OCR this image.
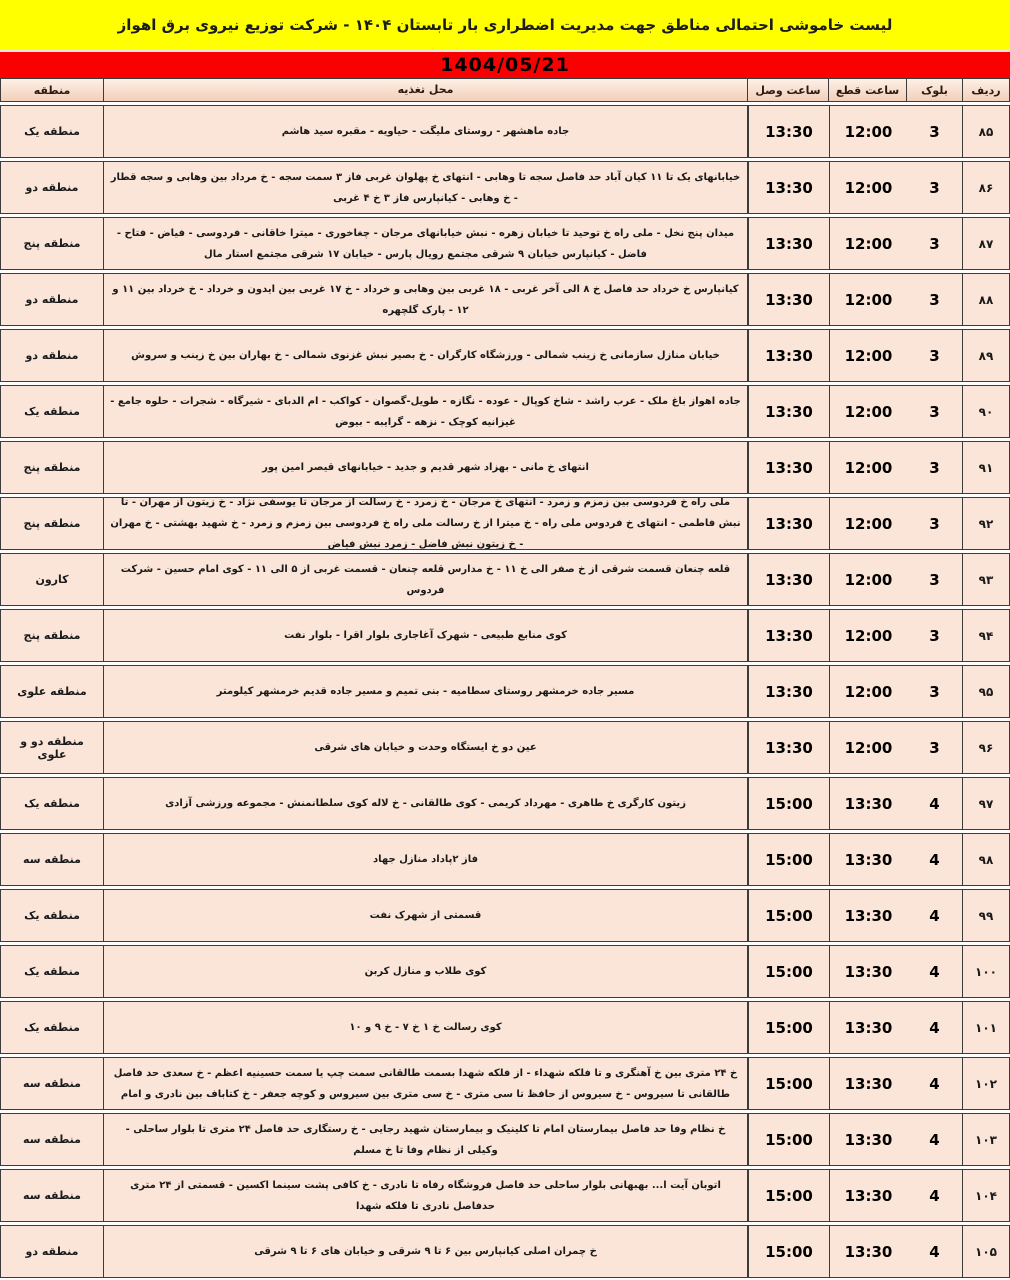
لیست خاموشی احتمالی مناطق جهت مدیریت اضطراری بار تابستان ۱۴۰۴ - شرکت توزیع نیروی برق اهواز
1404/05/21
ردیف
بلوک
ساعت قطع
ساعت وصل
محل تغذیه
منطقه
۸۵
3
12:00
13:30
جاده ماهشهر - روستای ملیگت - حیاویه - مقبره سید هاشم
منطقه یک
۸۶
3
12:00
13:30
خیابانهای یک تا ۱۱ کیان آباد حد فاصل سجه تا وهابی - انتهای خ پهلوان غربی فاز ۳ سمت سجه - خ مرداد بین وهابی و سجه قطار - خ وهابی - کیانپارس فاز ۳ خ ۴ غربی
منطقه دو
۸۷
3
12:00
13:30
میدان پنج نخل - ملی راه خ توحید تا خیابان زهره - نبش خیابانهای مرجان - چغاخوری - میترا خاقانی - فردوسی - فیاض - فتاح - فاضل - کیانپارس خیابان ۹ شرقی مجتمع رویال پارس - خیابان ۱۷ شرقی مجتمع استار مال
منطقه پنج
۸۸
3
12:00
13:30
کیانپارس خ خرداد حد فاصل خ ۸ الی آخر غربی - ۱۸ غربی بین وهابی و خرداد - خ ۱۷ غربی بین ایدون و خرداد - خ خرداد بین ۱۱ و ۱۲ - پارک گلچهره
منطقه دو
۸۹
3
12:00
13:30
خیابان منازل سازمانی خ زینب شمالی - ورزشگاه کارگران - خ بصیر نبش غزنوی شمالی - خ بهاران بین خ زینب و سروش
منطقه دو
۹۰
3
12:00
13:30
جاده اهواز باغ ملک - عرب راشد - شاخ کوپال - عوده - نگازه - طویل-گصوان - کواکب - ام الدبای - شیرگاه - شجرات - حلوه جامع - غیزانیه کوچک - نزهه - گرایبه - بیوض
منطقه یک
۹۱
3
12:00
13:30
انتهای خ مانی - بهزاد شهر قدیم و جدید - خیابانهای قیصر امین پور
منطقه پنج
۹۲
3
12:00
13:30
ملی راه خ فردوسی بین زمزم و زمرد - انتهای خ مرجان - خ زمرد - خ رسالت از مرجان تا یوسفی نژاد - خ زیتون از مهران - تا نبش فاطمی - انتهای خ فردوس ملی راه - خ میترا از خ رسالت ملی راه خ فردوسی بین زمزم و زمرد - خ شهید بهشتی - خ مهران - خ زیتون نبش فاضل - زمرد نبش فیاض
منطقه پنج
۹۳
3
12:00
13:30
قلعه چنعان قسمت شرقی از خ صفر الی خ ۱۱ - خ مدارس قلعه چنعان - قسمت غربی از ۵ الی ۱۱ - کوی امام حسین - شرکت فردوس
کارون
۹۴
3
12:00
13:30
کوی منابع طبیعی - شهرک آغاجاری بلوار اقرا - بلوار نفت
منطقه پنج
۹۵
3
12:00
13:30
مسیر جاده خرمشهر روستای سطامیه - بنی تمیم و مسیر جاده قدیم خرمشهر کیلومتر
منطقه علوی
۹۶
3
12:00
13:30
عین دو خ ایستگاه وحدت و خیابان های شرقی
منطقه دو و علوی
۹۷
4
13:30
15:00
زیتون کارگری خ طاهری - مهرداد کریمی - کوی طالقانی - خ لاله کوی سلطانمنش - مجموعه ورزشی آزادی
منطقه یک
۹۸
4
13:30
15:00
فاز ۲پاداد منازل جهاد
منطقه سه
۹۹
4
13:30
15:00
قسمتی از شهرک نفت
منطقه یک
۱۰۰
4
13:30
15:00
کوی طلاب و منازل کربن
منطقه یک
۱۰۱
4
13:30
15:00
کوی رسالت خ ۱ خ ۷ - خ ۹ و ۱۰
منطقه یک
۱۰۲
4
13:30
15:00
خ ۲۴ متری بین خ آهنگری و تا فلکه شهداء - از فلکه شهدا بسمت طالقانی سمت چپ یا سمت حسینیه اعظم - خ سعدی حد فاصل طالقانی تا سیروس - خ سیروس از حافظ تا سی متری - خ سی متری بین سیروس و کوچه جعفر - خ کتاباف بین نادری و امام
منطقه سه
۱۰۳
4
13:30
15:00
خ نظام وفا حد فاصل بیمارستان امام تا کلینیک و بیمارستان شهید رجایی - خ رستگاری حد فاصل ۲۴ متری تا بلوار ساحلی - وکیلی از نظام وفا تا خ مسلم
منطقه سه
۱۰۴
4
13:30
15:00
اتوبان آیت ا... بهبهانی بلوار ساحلی حد فاصل فروشگاه رفاه تا نادری - خ کافی پشت سینما اکسین - قسمتی از ۲۴ متری حدفاصل نادری تا فلکه شهدا
منطقه سه
۱۰۵
4
13:30
15:00
خ چمران اصلی کیانپارس بین ۶ تا ۹ شرقی و خیابان های ۶ تا ۹ شرقی
منطقه دو
